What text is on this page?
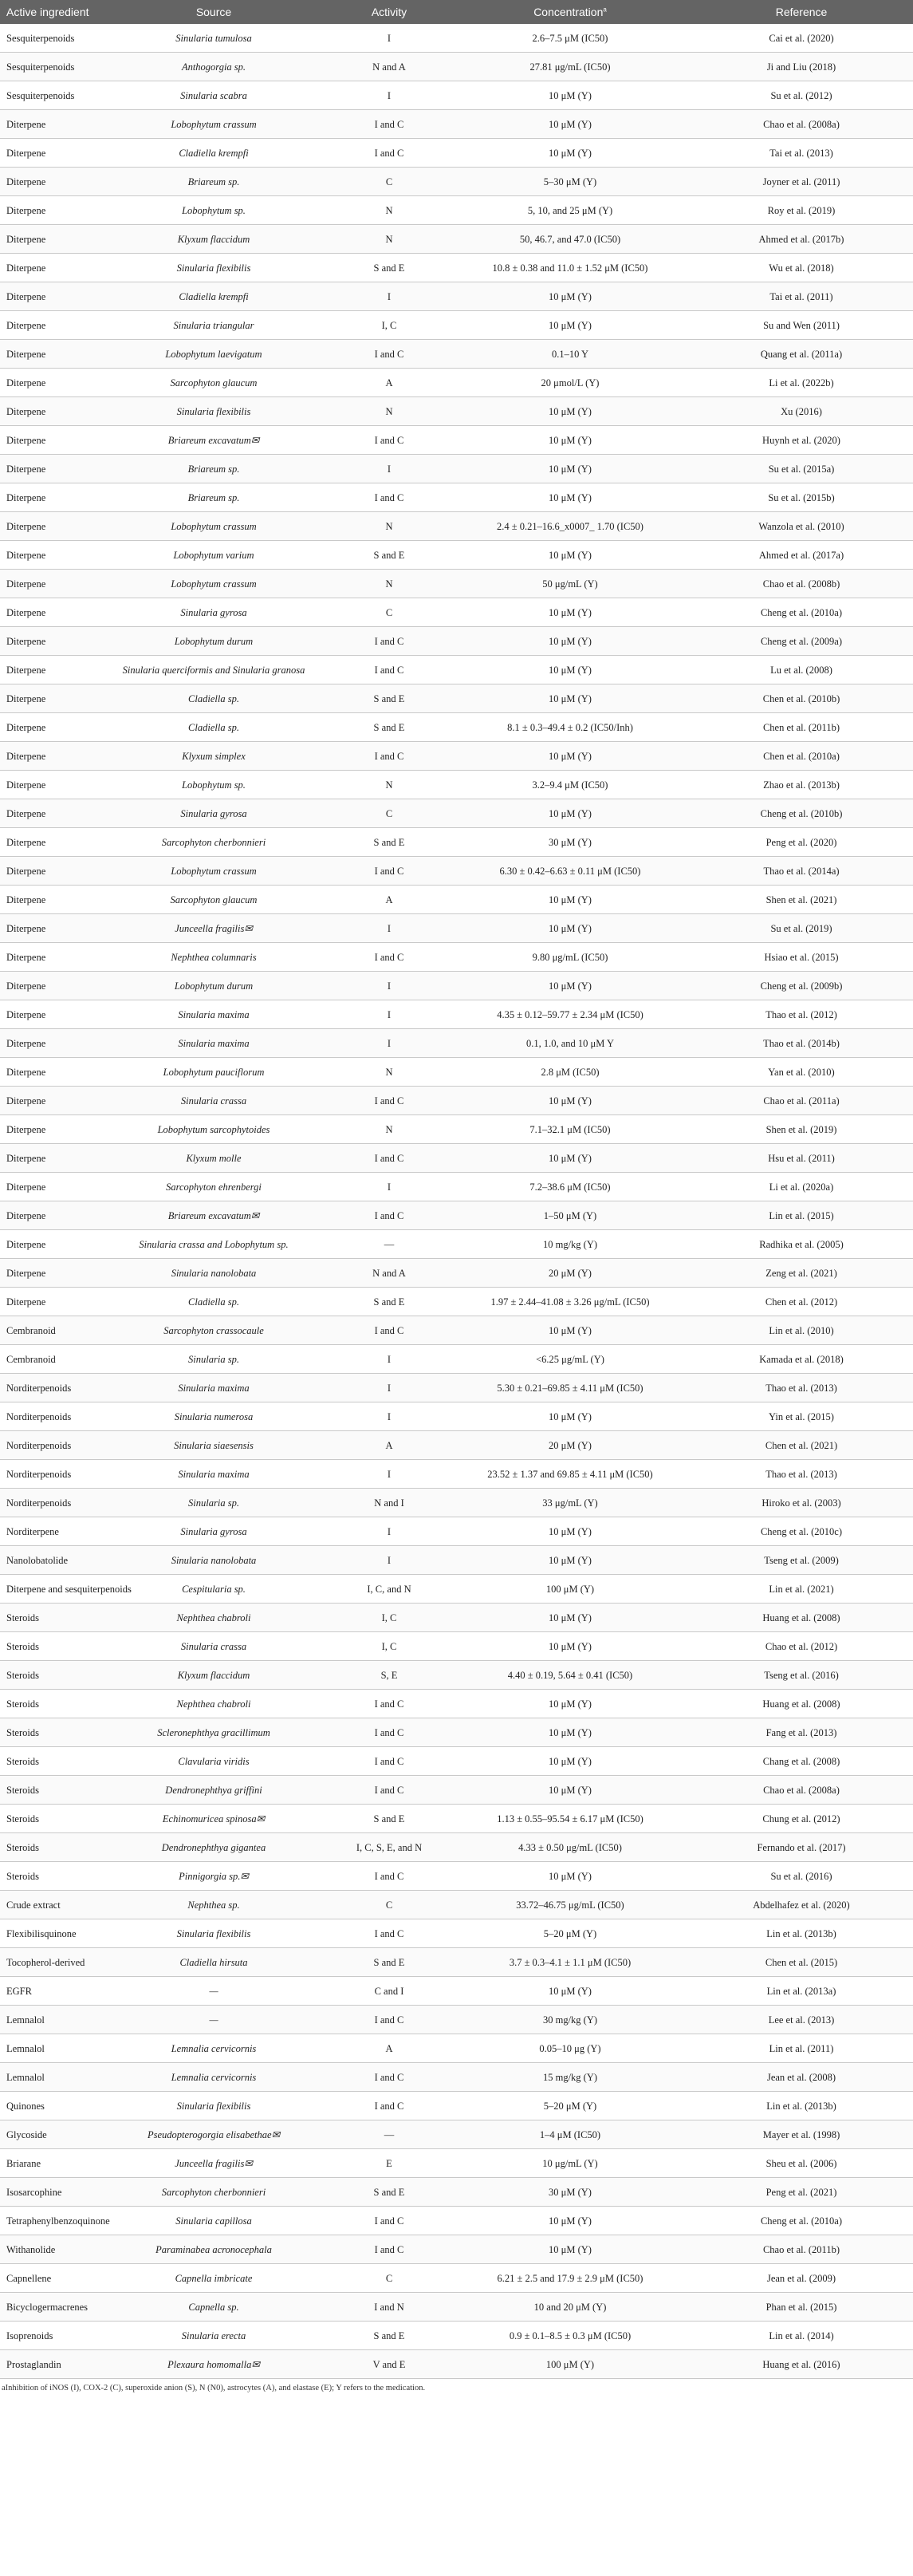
Active ingredient	Source	Activity	Concentration$^a$	Reference
Sesquiterpenoids	Sinularia tumulosa	I	2.6–7.5 μM (IC50)	Cai et al. (2020)
Sesquiterpenoids	Anthogorgia sp.	N and A	27.81 μg/mL (IC50)	Ji and Liu (2018)
Sesquiterpenoids	Sinularia scabra	I	10 μM (Y)	Su et al. (2012)
Diterpene	Lobophytum crassum	I and C	10 μM (Y)	Chao et al. (2008a)
Diterpene	Cladiella krempfi	I and C	10 μM (Y)	Tai et al. (2013)
Diterpene	Briareum sp.	C	5–30 μM (Y)	Joyner et al. (2011)
Diterpene	Lobophytum sp.	N	5, 10, and 25 μM (Y)	Roy et al. (2019)
Diterpene	Klyxum flaccidum	N	50, 46.7, and 47.0 (IC50)	Ahmed et al. (2017b)
Diterpene	Sinularia flexibilis	S and E	10.8 ± 0.38 and 11.0 ± 1.52 μM (IC50)	Wu et al. (2018)
Diterpene	Cladiella krempfi	I	10 μM (Y)	Tai et al. (2011)
Diterpene	Sinularia triangular	I, C	10 μM (Y)	Su and Wen (2011)
Diterpene	Lobophytum laevigatum	I and C	0.1–10 Y	Quang et al. (2011a)
Diterpene	Sarcophyton glaucum	A	20 μmol/L (Y)	Li et al. (2022b)
Diterpene	Sinularia flexibilis	N	10 μM (Y)	Xu (2016)
Diterpene	Briareum excavatum✉	I and C	10 μM (Y)	Huynh et al. (2020)
Diterpene	Briareum sp.	I	10 μM (Y)	Su et al. (2015a)
Diterpene	Briareum sp.	I and C	10 μM (Y)	Su et al. (2015b)
Diterpene	Lobophytum crassum	N	2.4 ± 0.21–16.6_x0007_ 1.70 (IC50)	Wanzola et al. (2010)
Diterpene	Lobophytum varium	S and E	10 μM (Y)	Ahmed et al. (2017a)
Diterpene	Lobophytum crassum	N	50 μg/mL (Y)	Chao et al. (2008b)
Diterpene	Sinularia gyrosa	C	10 μM (Y)	Cheng et al. (2010a)
Diterpene	Lobophytum durum	I and C	10 μM (Y)	Cheng et al. (2009a)
Diterpene	Sinularia querciformis and Sinularia granosa	I and C	10 μM (Y)	Lu et al. (2008)
Diterpene	Cladiella sp.	S and E	10 μM (Y)	Chen et al. (2010b)
Diterpene	Cladiella sp.	S and E	8.1 ± 0.3–49.4 ± 0.2 (IC50/Inh)	Chen et al. (2011b)
Diterpene	Klyxum simplex	I and C	10 μM (Y)	Chen et al. (2010a)
Diterpene	Lobophytum sp.	N	3.2–9.4 μM (IC50)	Zhao et al. (2013b)
Diterpene	Sinularia gyrosa	C	10 μM (Y)	Cheng et al. (2010b)
Diterpene	Sarcophyton cherbonnieri	S and E	30 μM (Y)	Peng et al. (2020)
Diterpene	Lobophytum crassum	I and C	6.30 ± 0.42–6.63 ± 0.11 μM (IC50)	Thao et al. (2014a)
Diterpene	Sarcophyton glaucum	A	10 μM (Y)	Shen et al. (2021)
Diterpene	Junceella fragilis✉	I	10 μM (Y)	Su et al. (2019)
Diterpene	Nephthea columnaris	I and C	9.80 μg/mL (IC50)	Hsiao et al. (2015)
Diterpene	Lobophytum durum	I	10 μM (Y)	Cheng et al. (2009b)
Diterpene	Sinularia maxima	I	4.35 ± 0.12–59.77 ± 2.34 μM (IC50)	Thao et al. (2012)
Diterpene	Sinularia maxima	I	0.1, 1.0, and 10 μM Y	Thao et al. (2014b)
Diterpene	Lobophytum pauciflorum	N	2.8 μM (IC50)	Yan et al. (2010)
Diterpene	Sinularia crassa	I and C	10 μM (Y)	Chao et al. (2011a)
Diterpene	Lobophytum sarcophytoides	N	7.1–32.1 μM (IC50)	Shen et al. (2019)
Diterpene	Klyxum molle	I and C	10 μM (Y)	Hsu et al. (2011)
Diterpene	Sarcophyton ehrenbergi	I	7.2–38.6 μM (IC50)	Li et al. (2020a)
Diterpene	Briareum excavatum✉	I and C	1–50 μM (Y)	Lin et al. (2015)
Diterpene	Sinularia crassa and Lobophytum sp.	—	10 mg/kg (Y)	Radhika et al. (2005)
Diterpene	Sinularia nanolobata	N and A	20 μM (Y)	Zeng et al. (2021)
Diterpene	Cladiella sp.	S and E	1.97 ± 2.44–41.08 ± 3.26 μg/mL (IC50)	Chen et al. (2012)
Cembranoid	Sarcophyton crassocaule	I and C	10 μM (Y)	Lin et al. (2010)
Cembranoid	Sinularia sp.	I	<6.25 μg/mL (Y)	Kamada et al. (2018)
Norditerpenoids	Sinularia maxima	I	5.30 ± 0.21–69.85 ± 4.11 μM (IC50)	Thao et al. (2013)
Norditerpenoids	Sinularia numerosa	I	10 μM (Y)	Yin et al. (2015)
Norditerpenoids	Sinularia siaesensis	A	20 μM (Y)	Chen et al. (2021)
Norditerpenoids	Sinularia maxima	I	23.52 ± 1.37 and 69.85 ± 4.11 μM (IC50)	Thao et al. (2013)
Norditerpenoids	Sinularia sp.	N and I	33 μg/mL (Y)	Hiroko et al. (2003)
Norditerpene	Sinularia gyrosa	I	10 μM (Y)	Cheng et al. (2010c)
Nanolobatolide	Sinularia nanolobata	I	10 μM (Y)	Tseng et al. (2009)
Diterpene and sesquiterpenoids	Cespitularia sp.	I, C, and N	100 μM (Y)	Lin et al. (2021)
Steroids	Nephthea chabroli	I, C	10 μM (Y)	Huang et al. (2008)
Steroids	Sinularia crassa	I, C	10 μM (Y)	Chao et al. (2012)
Steroids	Klyxum flaccidum	S, E	4.40 ± 0.19, 5.64 ± 0.41 (IC50)	Tseng et al. (2016)
Steroids	Nephthea chabroli	I and C	10 μM (Y)	Huang et al. (2008)
Steroids	Scleronephthya gracillimum	I and C	10 μM (Y)	Fang et al. (2013)
Steroids	Clavularia viridis	I and C	10 μM (Y)	Chang et al. (2008)
Steroids	Dendronephthya griffini	I and C	10 μM (Y)	Chao et al. (2008a)
Steroids	Echinomuricea spinosa✉	S and E	1.13 ± 0.55–95.54 ± 6.17 μM (IC50)	Chung et al. (2012)
Steroids	Dendronephthya gigantea	I, C, S, E, and N	4.33 ± 0.50 μg/mL (IC50)	Fernando et al. (2017)
Steroids	Pinnigorgia sp.✉	I and C	10 μM (Y)	Su et al. (2016)
Crude extract	Nephthea sp.	C	33.72–46.75 μg/mL (IC50)	Abdelhafez et al. (2020)
Flexibilisquinone	Sinularia flexibilis	I and C	5–20 μM (Y)	Lin et al. (2013b)
Tocopherol-derived	Cladiella hirsuta	S and E	3.7 ± 0.3–4.1 ± 1.1 μM (IC50)	Chen et al. (2015)
EGFR	—	C and I	10 μM (Y)	Lin et al. (2013a)
Lemnalol	—	I and C	30 mg/kg (Y)	Lee et al. (2013)
Lemnalol	Lemnalia cervicornis	A	0.05–10 μg (Y)	Lin et al. (2011)
Lemnalol	Lemnalia cervicornis	I and C	15 mg/kg (Y)	Jean et al. (2008)
Quinones	Sinularia flexibilis	I and C	5–20 μM (Y)	Lin et al. (2013b)
Glycoside	Pseudopterogorgia elisabethae✉	—	1–4 μM (IC50)	Mayer et al. (1998)
Briarane	Junceella fragilis✉	E	10 μg/mL (Y)	Sheu et al. (2006)
Isosarcophine	Sarcophyton cherbonnieri	S and E	30 μM (Y)	Peng et al. (2021)
Tetraphenylbenzoquinone	Sinularia capillosa	I and C	10 μM (Y)	Cheng et al. (2010a)
Withanolide	Paraminabea acronocephala	I and C	10 μM (Y)	Chao et al. (2011b)
Capnellene	Capnella imbricate	C	6.21 ± 2.5 and 17.9 ± 2.9 μM (IC50)	Jean et al. (2009)
Bicyclogermacrenes	Capnella sp.	I and N	10 and 20 μM (Y)	Phan et al. (2015)
Isoprenoids	Sinularia erecta	S and E	0.9 ± 0.1–8.5 ± 0.3 μM (IC50)	Lin et al. (2014)
Prostaglandin	Plexaura homomalla✉	V and E	100 μM (Y)	Huang et al. (2016)
aInhibition of iNOS (I), COX-2 (C), superoxide anion (S), N (N0), astrocytes (A), and elastase (E); Y refers to the medication.
